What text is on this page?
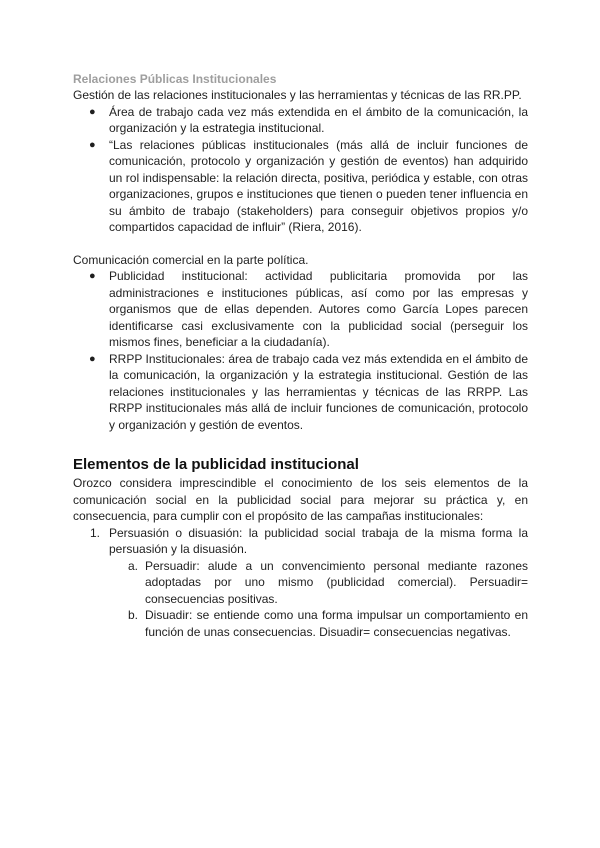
Relaciones Públicas Institucionales

Gestión de las relaciones institucionales y las herramientas y técnicas de las RR.PP.

● Área de trabajo cada vez más extendida en el ámbito de la comunicación, la organización y la estrategia institucional.
● “Las relaciones públicas institucionales (más allá de incluir funciones de comunicación, protocolo y organización y gestión de eventos) han adquirido un rol indispensable: la relación directa, positiva, periódica y estable, con otras organizaciones, grupos e instituciones que tienen o pueden tener influencia en su ámbito de trabajo (stakeholders) para conseguir objetivos propios y/o compartidos capacidad de influir” (Riera, 2016).

Comunicación comercial en la parte política.

● Publicidad institucional: actividad publicitaria promovida por las administraciones e instituciones públicas, así como por las empresas y organismos que de ellas dependen. Autores como García Lopes parecen identificarse casi exclusivamente con la publicidad social (perseguir los mismos fines, beneficiar a la ciudadanía).
● RRPP Institucionales: área de trabajo cada vez más extendida en el ámbito de la comunicación, la organización y la estrategia institucional. Gestión de las relaciones institucionales y las herramientas y técnicas de las RRPP. Las RRPP institucionales más allá de incluir funciones de comunicación, protocolo y organización y gestión de eventos.

Elementos de la publicidad institucional

Orozco considera imprescindible el conocimiento de los seis elementos de la comunicación social en la publicidad social para mejorar su práctica y, en consecuencia, para cumplir con el propósito de las campañas institucionales:

1. Persuasión o disuasión: la publicidad social trabaja de la misma forma la persuasión y la disuasión.
a. Persuadir: alude a un convencimiento personal mediante razones adoptadas por uno mismo (publicidad comercial). Persuadir= consecuencias positivas.
b. Disuadir: se entiende como una forma impulsar un comportamiento en función de unas consecuencias. Disuadir= consecuencias negativas.
